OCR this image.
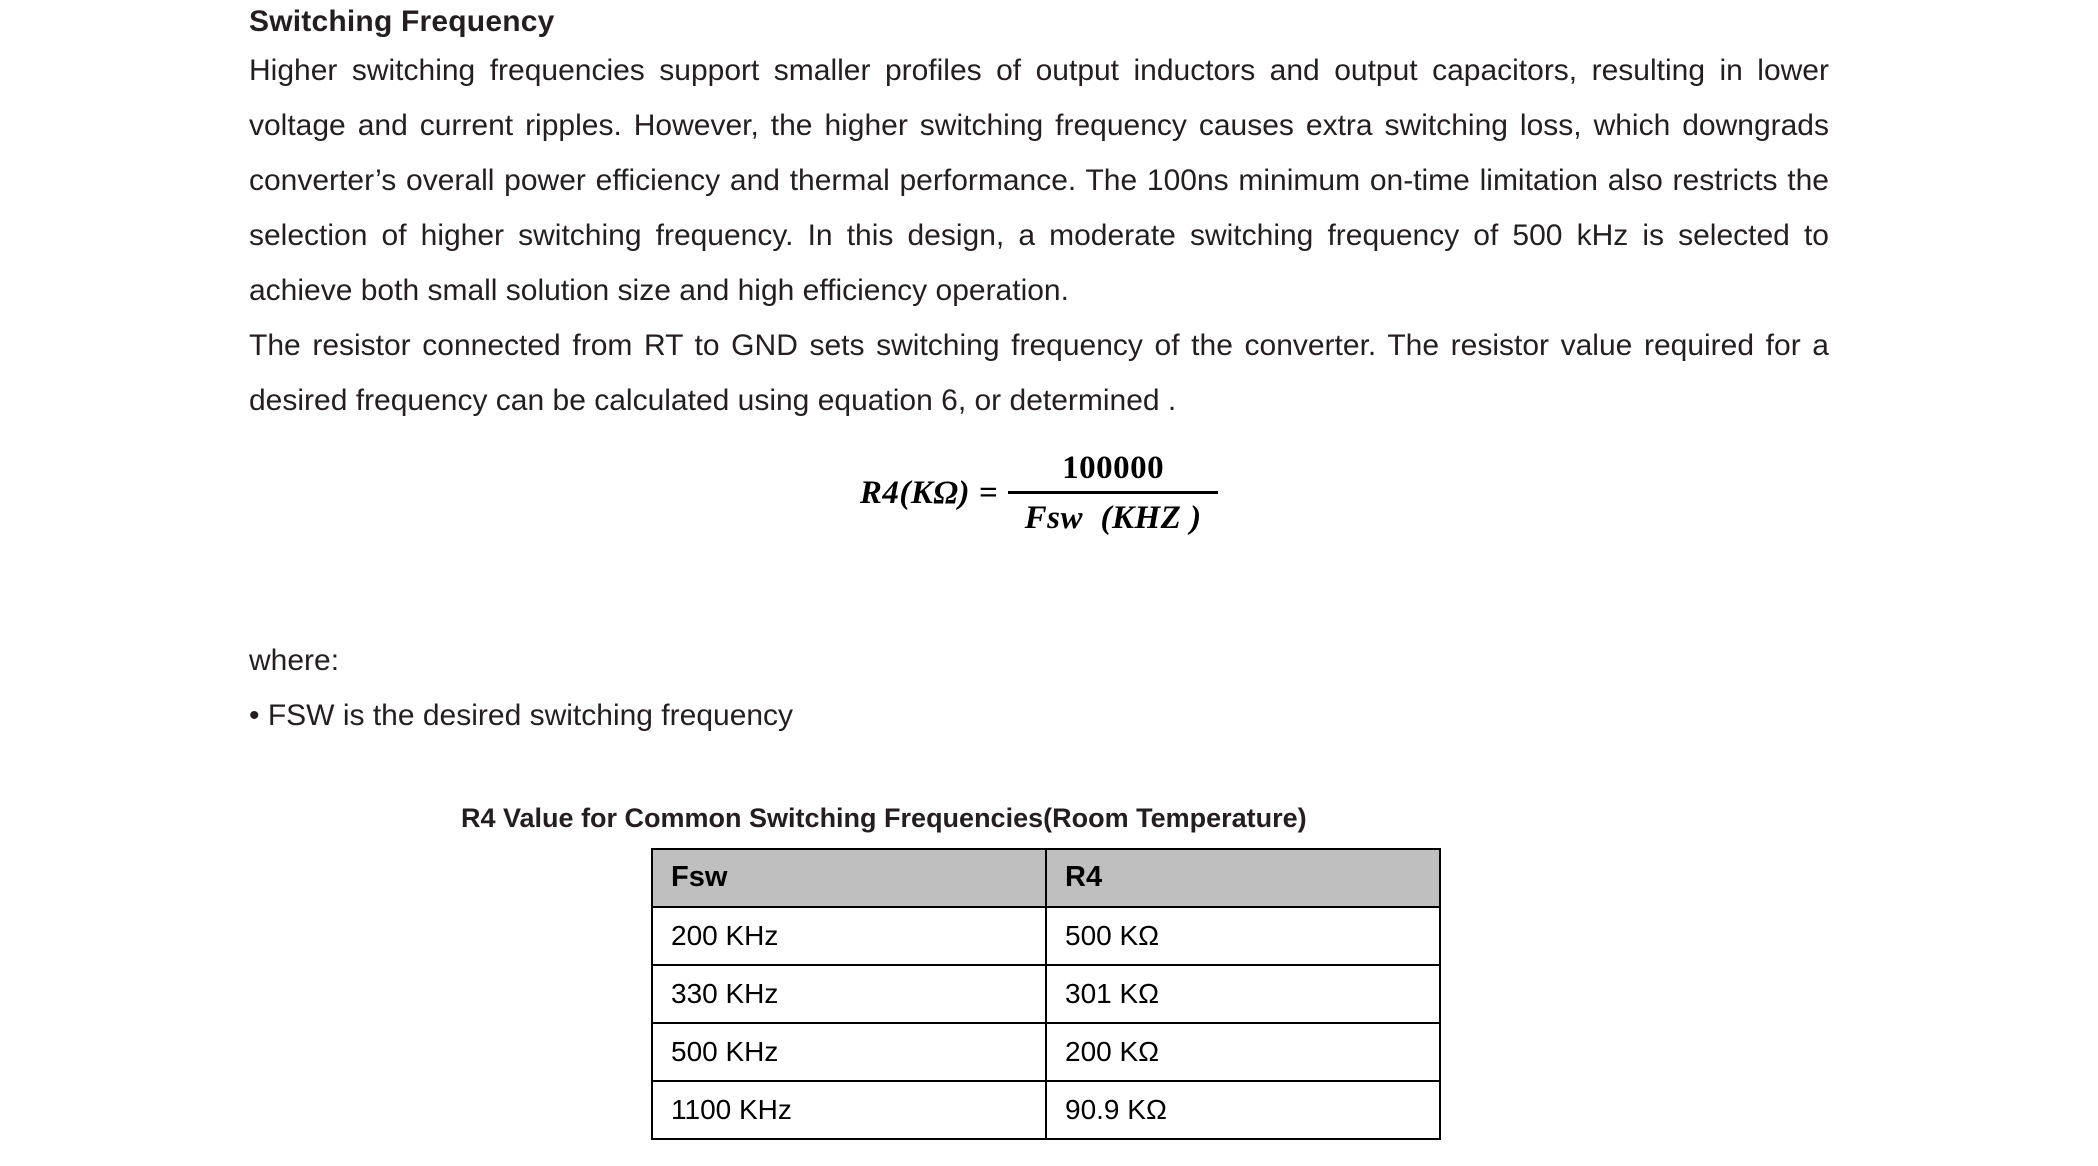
Switching Frequency

Higher switching frequencies support smaller profiles of output inductors and output capacitors, resulting in lower voltage and current ripples. However, the higher switching frequency causes extra switching loss, which downgrads converter’s overall power efficiency and thermal performance. The 100ns minimum on-time limitation also restricts the selection of higher switching frequency. In this design, a moderate switching frequency of 500 kHz is selected to achieve both small solution size and high efficiency operation.

The resistor connected from RT to GND sets switching frequency of the converter. The resistor value required for a desired frequency can be calculated using equation 6, or determined .

$R4(K\Omega) = \frac{100000}{\text{Fsw  (KHZ )}}$

where:

• FSW is the desired switching frequency

R4 Value for Common Switching Frequencies(Room Temperature)

Fsw	R4
200 KHz	500 KΩ
330 KHz	301 KΩ
500 KHz	200 KΩ
1100 KHz	90.9 KΩ
